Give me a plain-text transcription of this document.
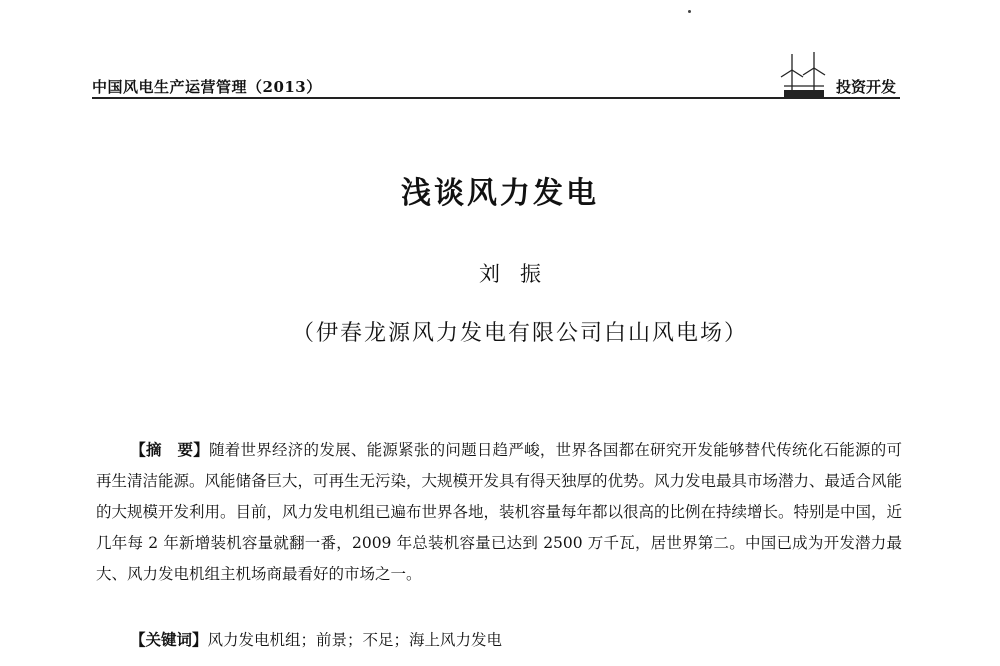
中国风电生产运营管理（2013）	投资开发
浅谈风力发电
刘振
（伊春龙源风力发电有限公司白山风电场）

【摘　要】随着世界经济的发展、能源紧张的问题日趋严峻，世界各国都在研究开发能够替代传统化石能源的可再生清洁能源。风能储备巨大，可再生无污染，大规模开发具有得天独厚的优势。风力发电最具市场潜力、最适合风能的大规模开发利用。目前，风力发电机组已遍布世界各地，装机容量每年都以很高的比例在持续增长。特别是中国，近几年每 2 年新增装机容量就翻一番，2009 年总装机容量已达到 2500 万千瓦，居世界第二。中国已成为开发潜力最大、风力发电机组主机场商最看好的市场之一。

【关键词】风力发电机组；前景；不足；海上风力发电
